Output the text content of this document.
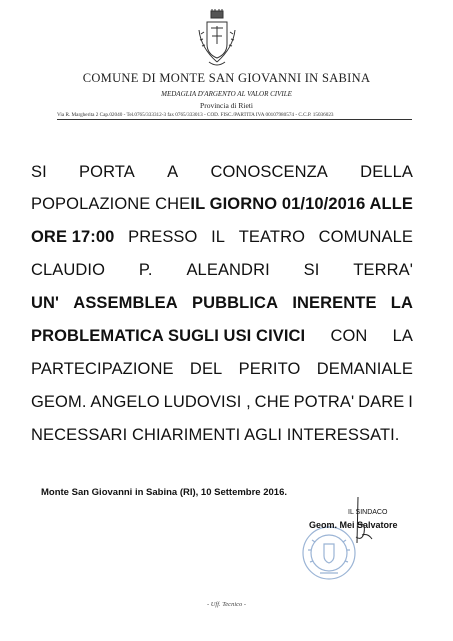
COMUNE DI MONTE SAN GIOVANNI IN SABINA
MEDAGLIA D'ARGENTO AL VALOR CIVILE
Provincia di Rieti
Via R. Margherita 2 Cap.02040 - Tel.0765/333312-3 fax 0765/333013 - COD. FISC./PARTITA IVA 00107980574 - C.C.P. 15036023
SI PORTA A CONOSCENZA DELLA
POPOLAZIONE CHE IL GIORNO 01/10/2016 ALLE
ORE 17:00 PRESSO IL TEATRO COMUNALE
CLAUDIO P. ALEANDRI SI TERRA'
UN' ASSEMBLEA PUBBLICA INERENTE LA
PROBLEMATICA SUGLI USI CIVICI CON LA
PARTECIPAZIONE DEL PERITO DEMANIALE
GEOM. ANGELO LUDOVISI , CHE POTRA' DARE I
NECESSARI CHIARIMENTI AGLI INTERESSATI.
Monte San Giovanni in Sabina (RI), 10 Settembre 2016.
IL SINDACO
Geom. Mei Salvatore
- Uff. Tecnico -
